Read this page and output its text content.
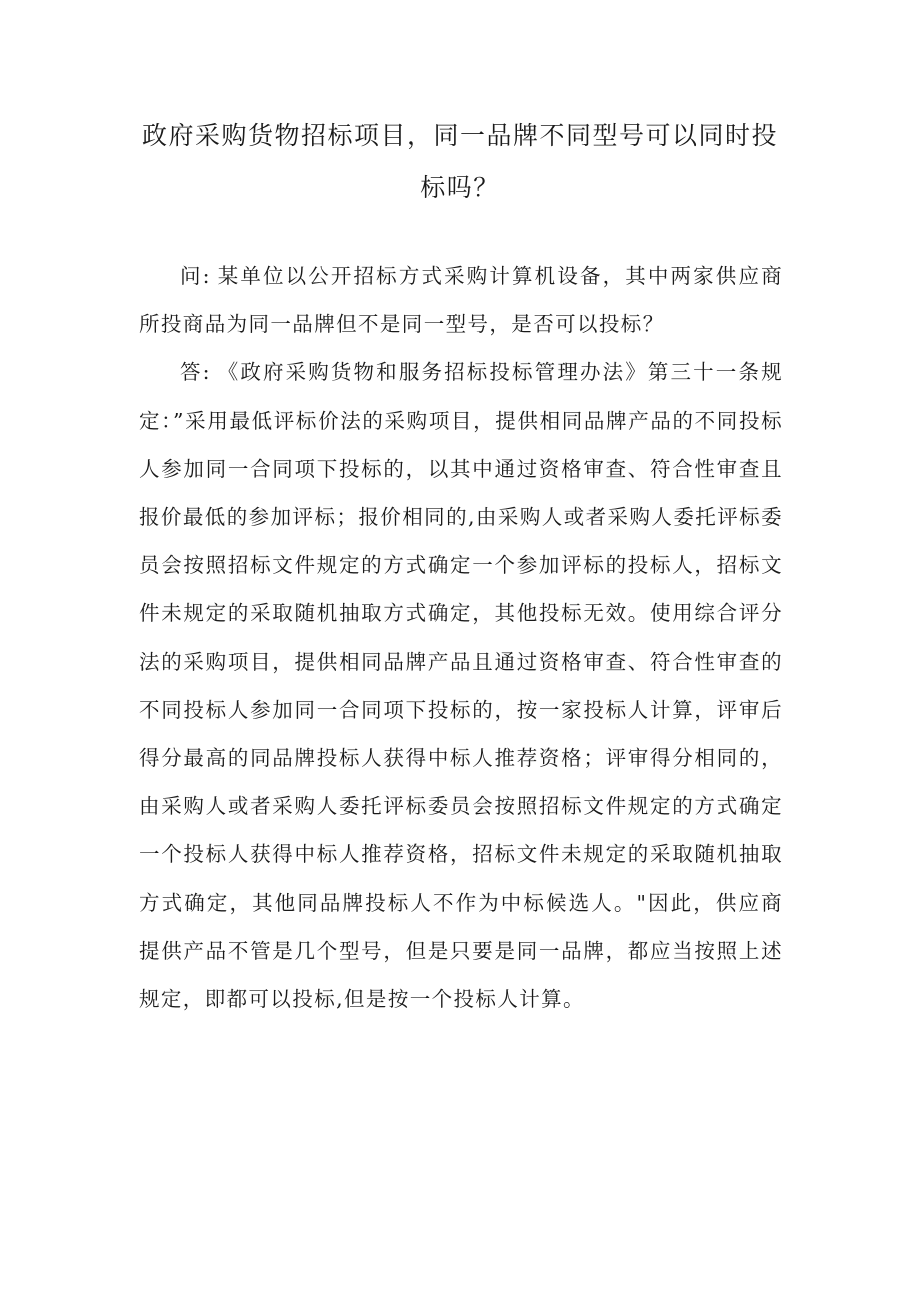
政府采购货物招标项目，同一品牌不同型号可以同时投标吗？

问: 某单位以公开招标方式采购计算机设备，其中两家供应商所投商品为同一品牌但不是同一型号，是否可以投标？

答: 《政府采购货物和服务招标投标管理办法》第三十一条规定：”采用最低评标价法的采购项目，提供相同品牌产品的不同投标人参加同一合同项下投标的，以其中通过资格审查、符合性审查且报价最低的参加评标；报价相同的,由采购人或者采购人委托评标委员会按照招标文件规定的方式确定一个参加评标的投标人，招标文件未规定的采取随机抽取方式确定，其他投标无效。使用综合评分法的采购项目，提供相同品牌产品且通过资格审查、符合性审查的不同投标人参加同一合同项下投标的，按一家投标人计算，评审后得分最高的同品牌投标人获得中标人推荐资格；评审得分相同的，由采购人或者采购人委托评标委员会按照招标文件规定的方式确定一个投标人获得中标人推荐资格，招标文件未规定的采取随机抽取方式确定，其他同品牌投标人不作为中标候选人。"因此，供应商提供产品不管是几个型号，但是只要是同一品牌，都应当按照上述规定，即都可以投标,但是按一个投标人计算。
